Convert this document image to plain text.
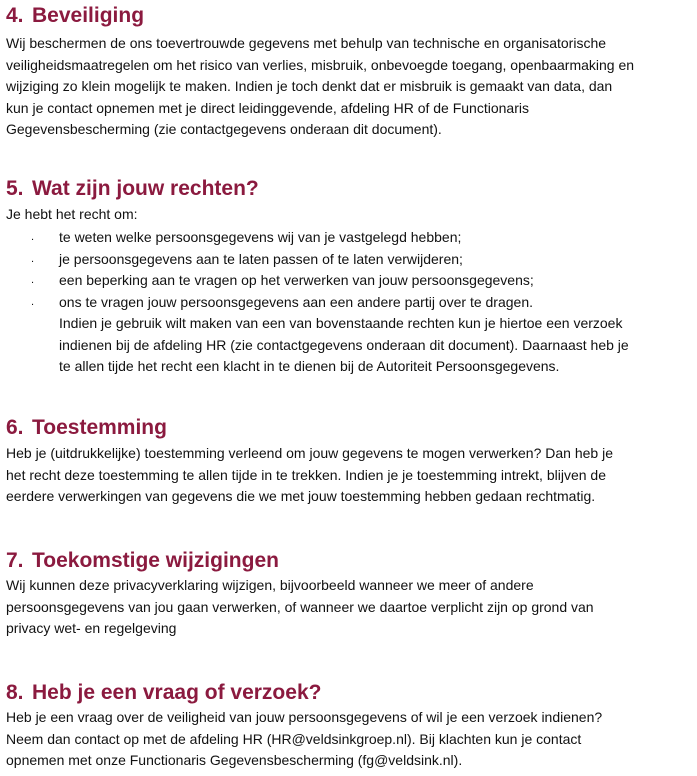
4. Beveiliging

Wij beschermen de ons toevertrouwde gegevens met behulp van technische en organisatorische
veiligheidsmaatregelen om het risico van verlies, misbruik, onbevoegde toegang, openbaarmaking en
wijziging zo klein mogelijk te maken. Indien je toch denkt dat er misbruik is gemaakt van data, dan
kun je contact opnemen met je direct leidinggevende, afdeling HR of de Functionaris
Gegevensbescherming (zie contactgegevens onderaan dit document).

5. Wat zijn jouw rechten?

Je hebt het recht om:

. te weten welke persoonsgegevens wij van je vastgelegd hebben;
. je persoonsgegevens aan te laten passen of te laten verwijderen;
. een beperking aan te vragen op het verwerken van jouw persoonsgegevens;
. ons te vragen jouw persoonsgegevens aan een andere partij over te dragen.

Indien je gebruik wilt maken van een van bovenstaande rechten kun je hiertoe een verzoek
indienen bij de afdeling HR (zie contactgegevens onderaan dit document). Daarnaast heb je
te allen tijde het recht een klacht in te dienen bij de Autoriteit Persoonsgegevens.

6. Toestemming

Heb je (uitdrukkelijke) toestemming verleend om jouw gegevens te mogen verwerken? Dan heb je
het recht deze toestemming te allen tijde in te trekken. Indien je je toestemming intrekt, blijven de
eerdere verwerkingen van gegevens die we met jouw toestemming hebben gedaan rechtmatig.

7. Toekomstige wijzigingen

Wij kunnen deze privacyverklaring wijzigen, bijvoorbeeld wanneer we meer of andere
persoonsgegevens van jou gaan verwerken, of wanneer we daartoe verplicht zijn op grond van
privacy wet- en regelgeving

8. Heb je een vraag of verzoek?

Heb je een vraag over de veiligheid van jouw persoonsgegevens of wil je een verzoek indienen?
Neem dan contact op met de afdeling HR (HR@veldsinkgroep.nl). Bij klachten kun je contact
opnemen met onze Functionaris Gegevensbescherming (fg@veldsink.nl).
